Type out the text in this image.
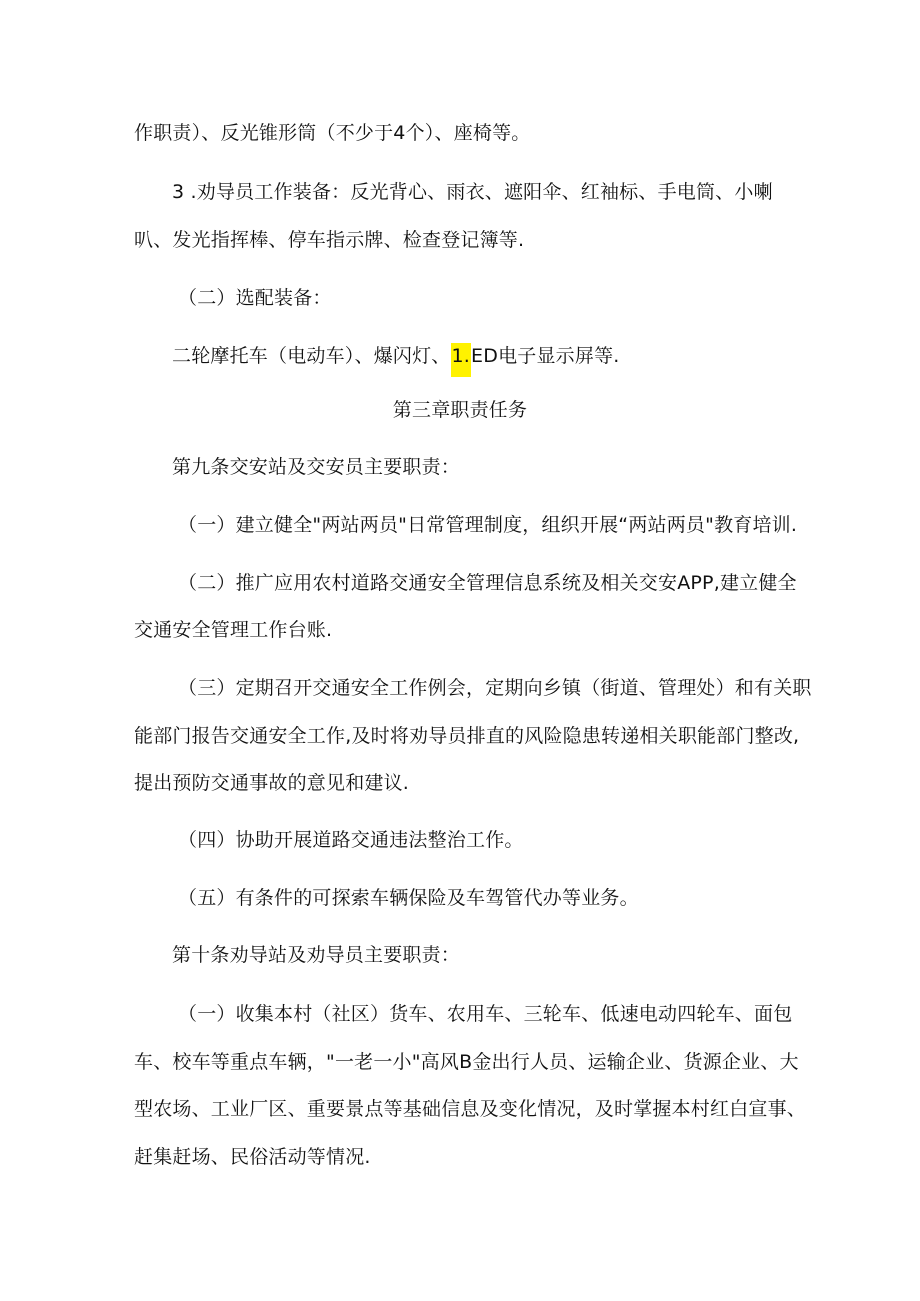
作职责）、反光锥形筒（不少于4个）、座椅等。
3 .劝导员工作装备：反光背心、雨衣、遮阳伞、红袖标、手电筒、小喇
叭、发光指挥棒、停车指示牌、检查登记簿等.
（二）选配装备：
二轮摩托车（电动车）、爆闪灯、1.ED电子显示屏等.
第三章职责任务
第九条交安站及交安员主要职责：
（一）建立健全"两站两员"日常管理制度，组织开展“两站两员"教育培训.
（二）推广应用农村道路交通安全管理信息系统及相关交安APP,建立健全
交通安全管理工作台账.
（三）定期召开交通安全工作例会，定期向乡镇（街道、管理处）和有关职
能部门报告交通安全工作,及时将劝导员排直的风险隐患转递相关职能部门整改,
提出预防交通事故的意见和建议.
（四）协助开展道路交通违法整治工作。
（五）有条件的可探索车辆保险及车驾管代办等业务。
第十条劝导站及劝导员主要职责：
（一）收集本村（社区）货车、农用车、三轮车、低速电动四轮车、面包
车、校车等重点车辆，"一老一小"高风B金出行人员、运输企业、货源企业、大
型农场、工业厂区、重要景点等基础信息及变化情况，及时掌握本村红白宣事、
赶集赶场、民俗活动等情况.
